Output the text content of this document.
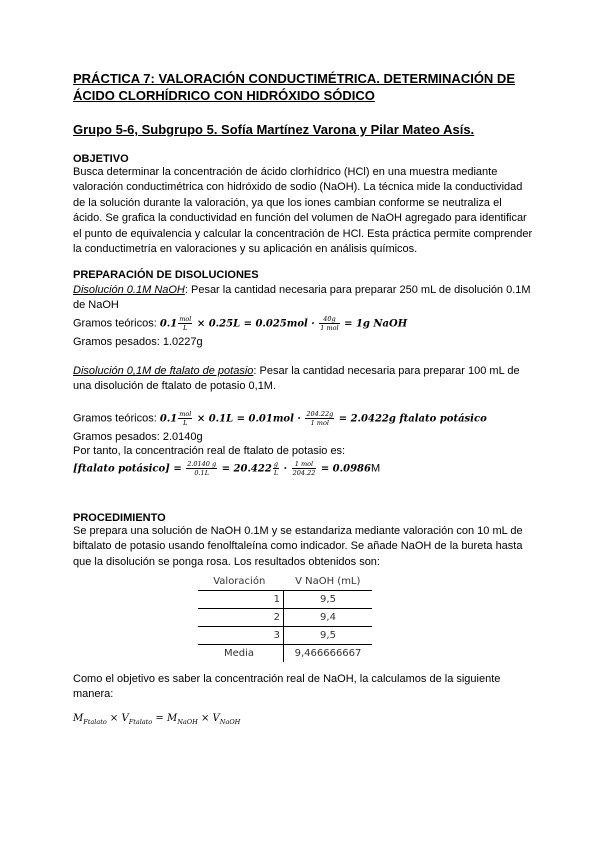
PRÁCTICA 7: VALORACIÓN CONDUCTIMÉTRICA. DETERMINACIÓN DE ÁCIDO CLORHÍDRICO CON HIDRÓXIDO SÓDICO
Grupo 5-6, Subgrupo 5. Sofía Martínez Varona y Pilar Mateo Asís.
OBJETIVO
Busca determinar la concentración de ácido clorhídrico (HCl) en una muestra mediante valoración conductimétrica con hidróxido de sodio (NaOH). La técnica mide la conductividad de la solución durante la valoración, ya que los iones cambian conforme se neutraliza el ácido. Se grafica la conductividad en función del volumen de NaOH agregado para identificar el punto de equivalencia y calcular la concentración de HCl. Esta práctica permite comprender la conductimetría en valoraciones y su aplicación en análisis químicos.
PREPARACIÓN DE DISOLUCIONES
Disolución 0.1M NaOH: Pesar la cantidad necesaria para preparar 250 mL de disolución 0.1M de NaOH
Gramos teóricos: $0.1 \frac{\text{mol}}{L} \times 0.25L = 0.025mol \cdot \frac{40g}{\text{1 mol}} = 1g$ NaOH
Gramos pesados: 1.0227g
Disolución 0,1M de ftalato de potasio: Pesar la cantidad necesaria para preparar 100 mL de una disolución de ftalato de potasio 0,1M.
Gramos teóricos: $0.1 \frac{\text{mol}}{L} \times 0.1L = 0.01mol \cdot \frac{204.22g}{\text{1 mol}} = 2.0422g$ ftalato potásico
Gramos pesados: 2.0140g
Por tanto, la concentración real de ftalato de potasio es:
[ftalato potásico] = $\frac{2.0140 g}{0.1L} = 20.422 \frac{g}{L} \cdot \frac{\text{1 mol}}{204.22} = 0.0986M$
PROCEDIMIENTO
Se prepara una solución de NaOH 0.1M y se estandariza mediante valoración con 10 mL de biftalato de potasio usando fenolftaleína como indicador. Se añade NaOH de la bureta hasta que la disolución se ponga rosa. Los resultados obtenidos son:
Valoración	V NaOH (mL)
1	9,5
2	9,4
3	9,5
Media	9,466666667
Como el objetivo es saber la concentración real de NaOH, la calculamos de la siguiente manera:
$M_{Ftalato} \times V_{Ftalato} = M_{NaOH} \times V_{NaOH}$
